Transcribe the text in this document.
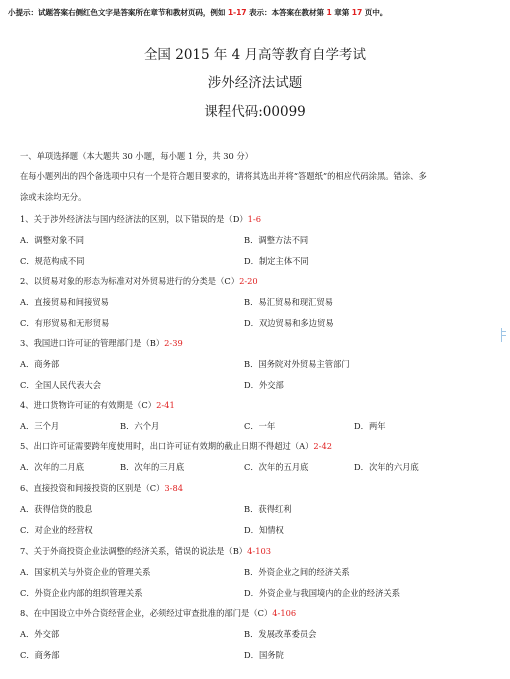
小提示：试题答案右侧红色文字是答案所在章节和教材页码，例如 1-17 表示：本答案在教材第 1 章第 17 页中。
全国 2015 年 4 月高等教育自学考试
涉外经济法试题
课程代码:00099
一、单项选择题（本大题共 30 小题，每小题 1 分，共 30 分）
在每小题列出的四个备选项中只有一个是符合题目要求的，请将其选出并将“答题纸”的相应代码涂黑。错涂、多
涂或未涂均无分。
1、关于涉外经济法与国内经济法的区别，以下错误的是（D）1-6
A．调整对象不同	B．调整方法不同
C．规范构成不同	D．制定主体不同
2、以贸易对象的形态为标准对对外贸易进行的分类是（C）2-20
A．直接贸易和间接贸易	B．易汇贸易和现汇贸易
C．有形贸易和无形贸易	D．双边贸易和多边贸易
3、我国进口许可证的管理部门是（B）2-39
A．商务部	B．国务院对外贸易主管部门
C．全国人民代表大会	D．外交部
4、进口货物许可证的有效期是（C）2-41
A．三个月	B．六个月	C．一年	D．两年
5、出口许可证需要跨年度使用时，出口许可证有效期的截止日期不得超过（A）2-42
A．次年的二月底	B．次年的三月底	C．次年的五月底	D．次年的六月底
6、直接投资和间接投资的区别是（C）3-84
A．获得信贷的股息	B．获得红利
C．对企业的经营权	D．知情权
7、关于外商投资企业法调整的经济关系，错误的说法是（B）4-103
A．国家机关与外资企业的管理关系	B．外资企业之间的经济关系
C．外资企业内部的组织管理关系	D．外资企业与我国境内的企业的经济关系
8、在中国设立中外合资经营企业，必须经过审查批准的部门是（C）4-106
A．外交部	B．发展改革委员会
C．商务部	D．国务院
